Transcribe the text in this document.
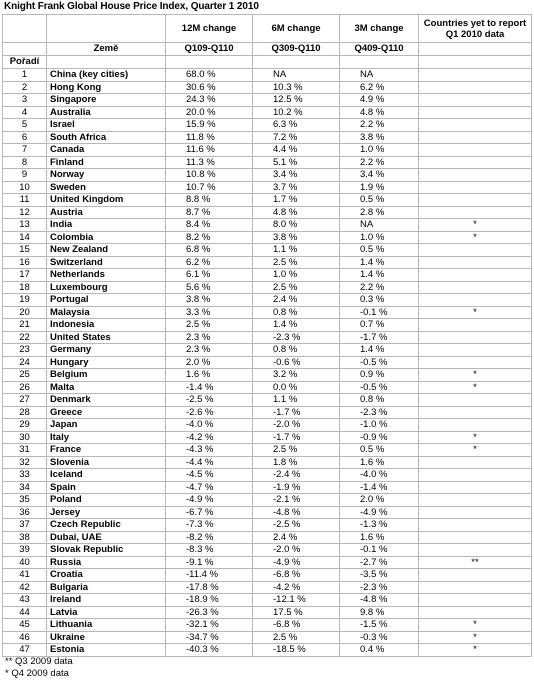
Knight Frank Global House Price Index, Quarter 1 2010
		12M change	6M change	3M change	Countries yet to report Q1 2010 data
	Země	Q109-Q110	Q309-Q110	Q409-Q110	
Pořadí					
1	China (key cities)	68.0 %	NA	NA	
2	Hong Kong	30.6 %	10.3 %	6.2 %	
3	Singapore	24.3 %	12.5 %	4.9 %	
4	Australia	20.0 %	10.2 %	4.8 %	
5	Israel	15.9 %	6.3 %	2.2 %	
6	South Africa	11.8 %	7.2 %	3.8 %	
7	Canada	11.6 %	4.4 %	1.0 %	
8	Finland	11.3 %	5.1 %	2.2 %	
9	Norway	10.8 %	3.4 %	3.4 %	
10	Sweden	10.7 %	3.7 %	1.9 %	
11	United Kingdom	8.8 %	1.7 %	0.5 %	
12	Austria	8.7 %	4.8 %	2.8 %	
13	India	8.4 %	8.0 %	NA	*
14	Colombia	8.2 %	3.8 %	1.0 %	*
15	New Zealand	6.8 %	1.1 %	0.5 %	
16	Switzerland	6.2 %	2.5 %	1.4 %	
17	Netherlands	6.1 %	1.0 %	1.4 %	
18	Luxembourg	5.6 %	2.5 %	2.2 %	
19	Portugal	3.8 %	2.4 %	0.3 %	
20	Malaysia	3.3 %	0.8 %	-0.1 %	*
21	Indonesia	2.5 %	1.4 %	0.7 %	
22	United States	2.3 %	-2.3 %	-1.7 %	
23	Germany	2.3 %	0.8 %	1.4 %	
24	Hungary	2.0 %	-0.6 %	-0.5 %	
25	Belgium	1.6 %	3.2 %	0.9 %	*
26	Malta	-1.4 %	0.0 %	-0.5 %	*
27	Denmark	-2.5 %	1.1 %	0.8 %	
28	Greece	-2.6 %	-1.7 %	-2.3 %	
29	Japan	-4.0 %	-2.0 %	-1.0 %	
30	Italy	-4.2 %	-1.7 %	-0.9 %	*
31	France	-4.3 %	2.5 %	0.5 %	*
32	Slovenia	-4.4 %	1.8 %	1.6 %	
33	Iceland	-4.5 %	-2.4 %	-4.0 %	
34	Spain	-4.7 %	-1.9 %	-1.4 %	
35	Poland	-4.9 %	-2.1 %	2.0 %	
36	Jersey	-6.7 %	-4.8 %	-4.9 %	
37	Czech Republic	-7.3 %	-2.5 %	-1.3 %	
38	Dubai, UAE	-8.2 %	2.4 %	1.6 %	
39	Slovak Republic	-8.3 %	-2.0 %	-0.1 %	
40	Russia	-9.1 %	-4.9 %	-2.7 %	**
41	Croatia	-11.4 %	-6.8 %	-3.5 %	
42	Bulgaria	-17.8 %	-4.2 %	-2.3 %	
43	Ireland	-18.9 %	-12.1 %	-4.8 %	
44	Latvia	-26.3 %	17.5 %	9.8 %	
45	Lithuania	-32.1 %	-6.8 %	-1.5 %	*
46	Ukraine	-34.7 %	2.5 %	-0.3 %	*
47	Estonia	-40.3 %	-18.5 %	0.4 %	*
** Q3 2009 data
* Q4 2009 data
